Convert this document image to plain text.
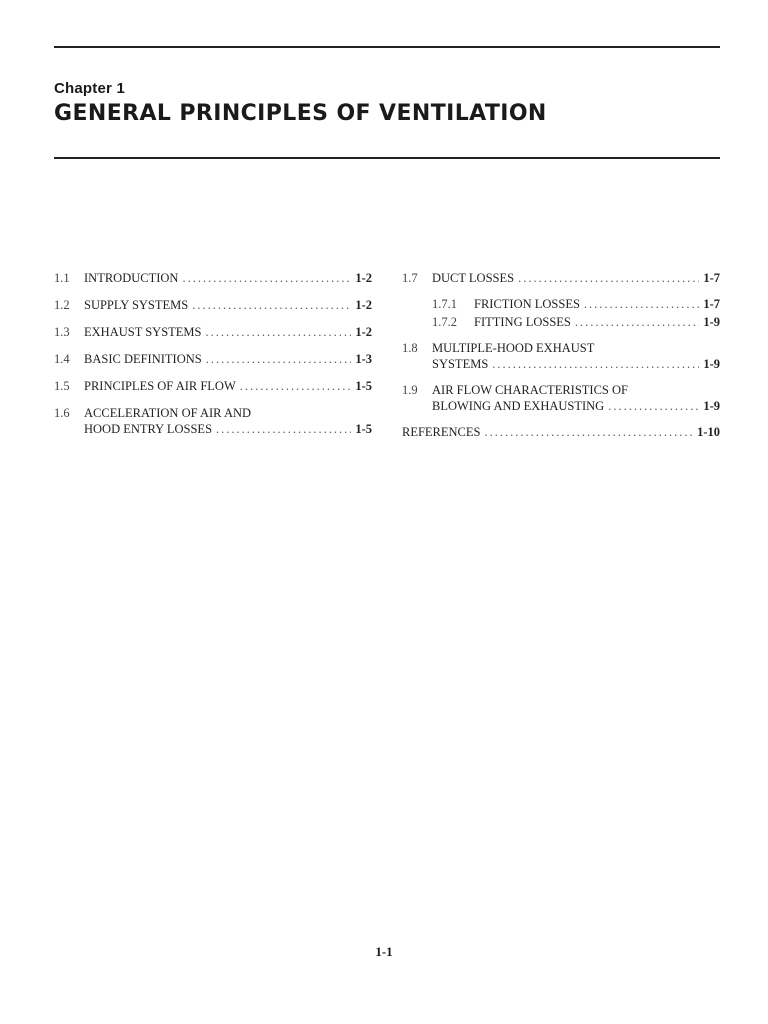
Chapter 1
GENERAL PRINCIPLES OF VENTILATION
1.1	INTRODUCTION .....	1-2
1.2	SUPPLY SYSTEMS .....	1-2
1.3	EXHAUST SYSTEMS .....	1-2
1.4	BASIC DEFINITIONS .....	1-3
1.5	PRINCIPLES OF AIR FLOW .....	1-5
1.6	ACCELERATION OF AIR AND
HOOD ENTRY LOSSES .....	1-5
1.7	DUCT LOSSES .....	1-7
1.7.1	FRICTION LOSSES .....	1-7
1.7.2	FITTING LOSSES .....	1-9
1.8	MULTIPLE-HOOD EXHAUST
SYSTEMS .....	1-9
1.9	AIR FLOW CHARACTERISTICS OF
BLOWING AND EXHAUSTING .....	1-9
REFERENCES .....	1-10
1-1
